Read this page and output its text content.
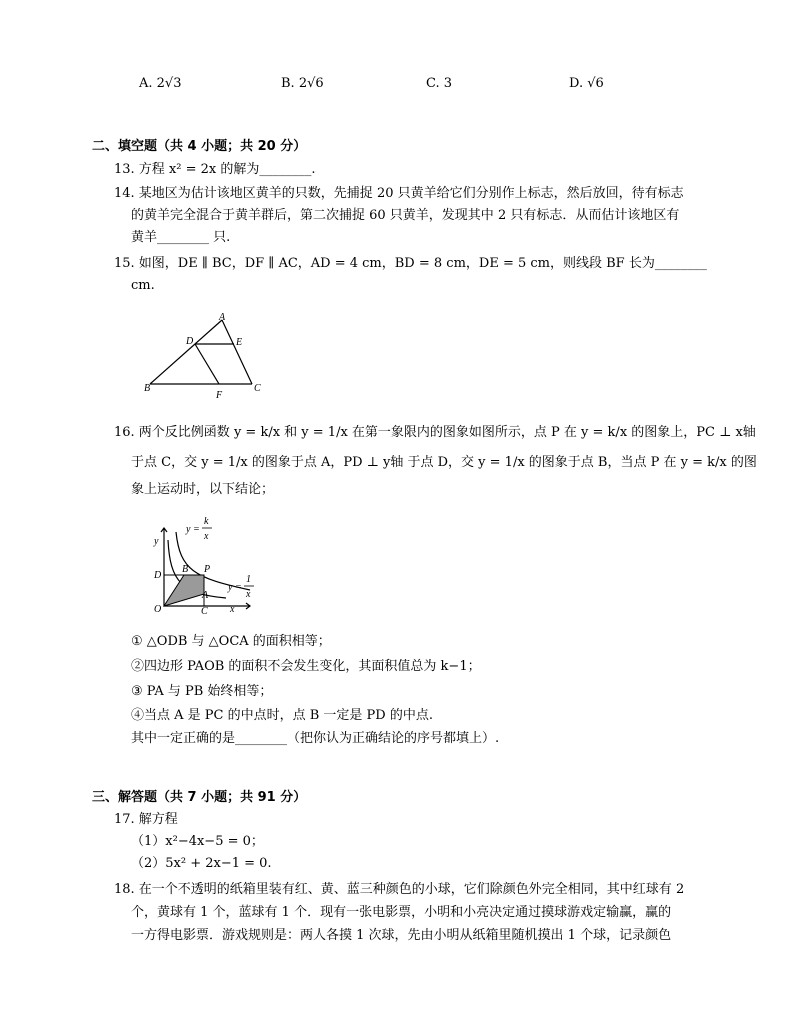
A. 2√3	B. 2√6	C. 3	D. √6
二、填空题（共 4 小题；共 20 分）
13. 方程 x² = 2x 的解为________.
14. 某地区为估计该地区黄羊的只数，先捕捉 20 只黄羊给它们分别作上标志，然后放回，待有标志
的黄羊完全混合于黄羊群后，第二次捕捉 60 只黄羊，发现其中 2 只有标志．从而估计该地区有
黄羊________ 只.
15. 如图，DE ∥ BC，DF ∥ AC，AD = 4 cm，BD = 8 cm，DE = 5 cm，则线段 BF 长为________
cm.
A
D	E
B	C
F
16. 两个反比例函数 y = k/x 和 y = 1/x 在第一象限内的图象如图所示，点 P 在 y = k/x 的图象上，PC ⊥ x轴
于点 C，交 y = 1/x 的图象于点 A，PD ⊥ y轴 于点 D，交 y = 1/x 的图象于点 B，当点 P 在 y = k/x 的图
象上运动时，以下结论；
y
x
O
D
B P
A
C
y =
k
x
y =
1
x
① △ODB 与 △OCA 的面积相等；
②四边形 PAOB 的面积不会发生变化，其面积值总为 k−1；
③ PA 与 PB 始终相等；
④当点 A 是 PC 的中点时，点 B 一定是 PD 的中点.
其中一定正确的是________（把你认为正确结论的序号都填上）.
三、解答题（共 7 小题；共 91 分）
17. 解方程
（1）x²−4x−5 = 0；
（2）5x² + 2x−1 = 0.
18. 在一个不透明的纸箱里装有红、黄、蓝三种颜色的小球，它们除颜色外完全相同，其中红球有 2
个，黄球有 1 个，蓝球有 1 个．现有一张电影票，小明和小亮决定通过摸球游戏定输赢，赢的
一方得电影票．游戏规则是：两人各摸 1 次球，先由小明从纸箱里随机摸出 1 个球，记录颜色
